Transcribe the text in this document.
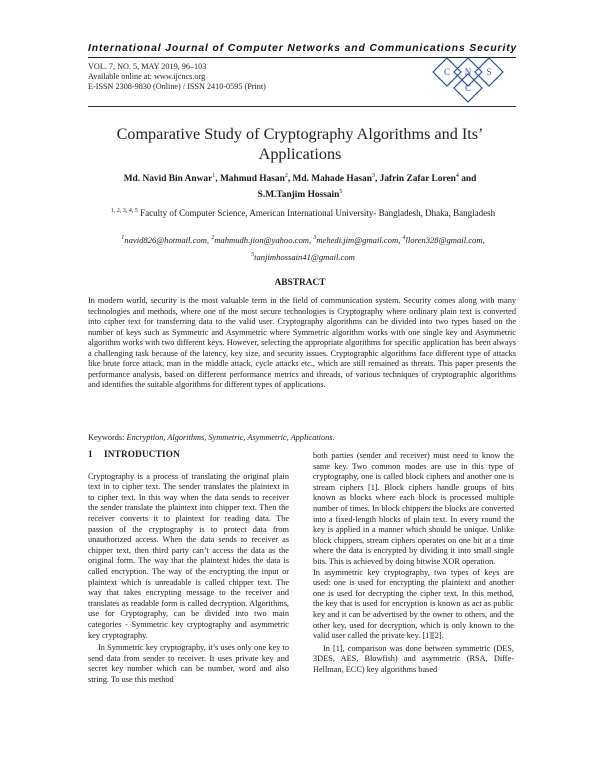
International Journal of Computer Networks and Communications Security
VOL. 7, NO. 5, MAY 2019, 96–103
Available online at: www.ijcncs.org
E-ISSN 2308-9830 (Online) / ISSN 2410-0595 (Print)
C N
C
S
Comparative Study of Cryptography Algorithms and Its’
Applications
Md. Navid Bin Anwar$^1$, Mahmud Hasan$^2$, Md. Mahade Hasan$^3$, Jafrin Zafar Loren$^4$ and
S.M.Tanjim Hossain$^5$
$^{1, 2, 3, 4, 5}$ Faculty of Computer Science, American International University- Bangladesh, Dhaka, Bangladesh
$^1$navid826@hotmail.com, $^2$mahmudh.jion@yahoo.com, $^3$mehedi.jim@gmail.com, $^4$lloren328@gmail.com,
$^5$tanjimhossain41@gmail.com
ABSTRACT
In modern world, security is the most valuable term in the field of communication system. Security comes along with many technologies and methods, where one of the most secure technologies is Cryptography where ordinary plain text is converted into cipher text for transferring data to the valid user. Cryptography algorithms can be divided into two types based on the number of keys such as Symmetric and Asymmetric where Symmetric algorithm works with one single key and Asymmetric algorithm works with two different keys. However, selecting the appropriate algorithms for specific application has been always a challenging task because of the latency, key size, and security issues. Cryptographic algorithms face different type of attacks like brute force attack, man in the middle attack, cycle attacks etc., which are still remained as threats. This paper presents the performance analysis, based on different performance metrics and threads, of various techniques of cryptographic algorithms and identifies the suitable algorithms for different types of applications.
Keywords: Encryption, Algorithms, Symmetric, Asymmetric, Applications.
1 INTRODUCTION

Cryptography is a process of translating the original plain text in to cipher text. The sender translates the plaintext in to cipher text. In this way when the data sends to receiver the sender translate the plaintext into chipper text. Then the receiver converts it to plaintext for reading data. The passion of the cryptography is to protect data from unauthorized access. When the data sends to receiver as chipper text, then third party can’t access the data as the original form. The way that the plaintext hides the data is called encryption. The way of the encrypting the input or plaintext which is unreadable is called chipper text. The way that takes encrypting message to the receiver and translates as readable form is called decryption. Algorithms, use for Cryptography, can be divided into two main categories - Symmetric key cryptography and asymmetric key cryptography.

In Symmetric key cryptography, it’s uses only one key to send data from sender to receiver. It uses private key and secret key number which can be number, word and also string. To use this method

both parties (sender and receiver) must need to know the same key. Two common modes are use in this type of cryptography, one is called block ciphers and another one is stream ciphers [1]. Block ciphers handle groups of bits known as blocks where each block is processed multiple number of times. In block chippers the blocks are converted into a fixed-length blocks of plain text. In every round the key is applied in a manner which should be unique. Unlike block chippers, stream ciphers operates on one bit at a time where the data is encrypted by dividing it into small single bits. This is achieved by doing bitwise XOR operation.

In asymmetric key cryptography, two types of keys are used: one is used for encrypting the plaintext and another one is used for decrypting the cipher text. In this method, the key that is used for encryption is known as act as public key and it can be advertised by the owner to others, and the other key, used for decryption, which is only known to the valid user called the private key. [1][2].

In [1], comparison was done between symmetric (DES, 3DES, AES, Blowfish) and asymmetric (RSA, Diffe-Hellman, ECC) key algorithms based
